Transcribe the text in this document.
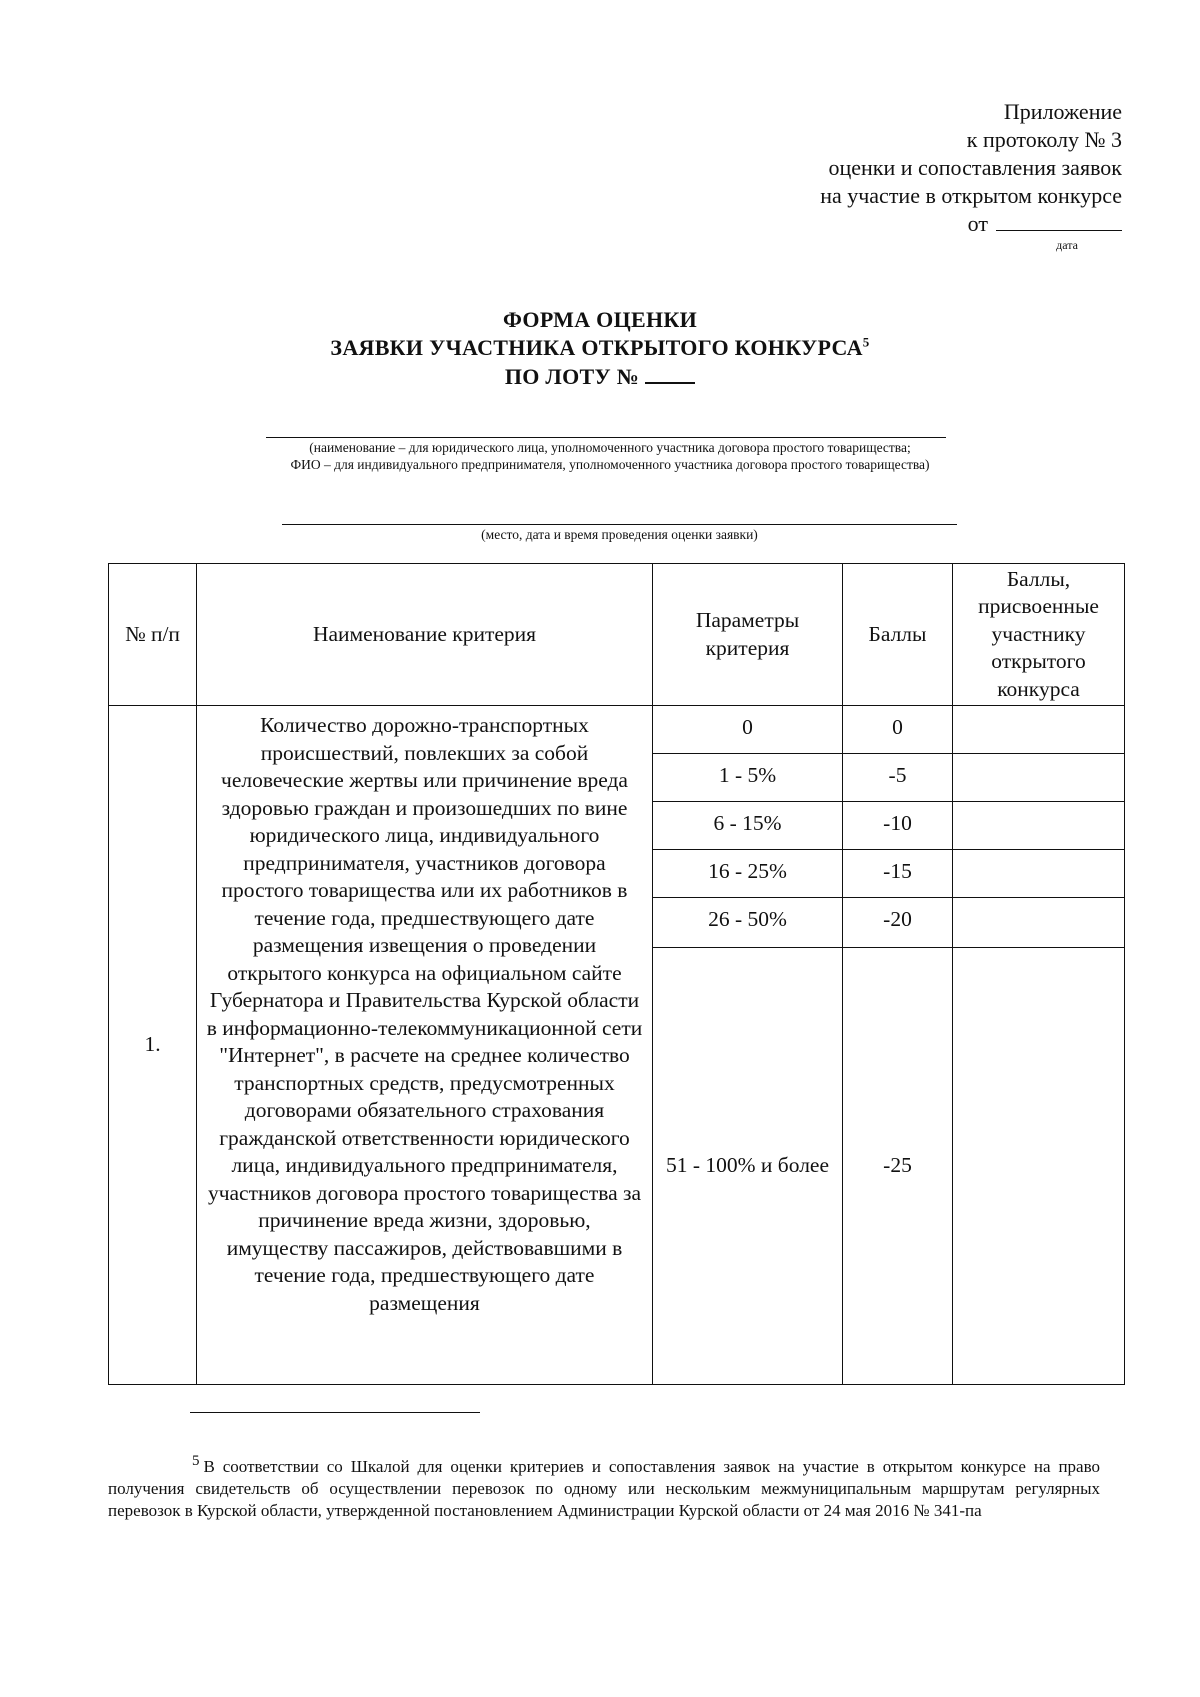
Приложение
к протоколу № 3
оценки и сопоставления заявок
на участие в открытом конкурсе
от
дата
ФОРМА ОЦЕНКИ
ЗАЯВКИ УЧАСТНИКА ОТКРЫТОГО КОНКУРСА$^5$
ПО ЛОТУ №
(наименование – для юридического лица, уполномоченного участника договора простого товарищества;
ФИО – для индивидуального предпринимателя, уполномоченного участника договора простого товарищества)
(место, дата и время проведения оценки заявки)
№ п/п	Наименование критерия	Параметры критерия	Баллы	Баллы, присвоенные участнику открытого конкурса
1.	Количество дорожно-транспортных происшествий, повлекших за собой человеческие жертвы или причинение вреда здоровью граждан и произошедших по вине юридического лица, индивидуального предпринимателя, участников договора простого товарищества или их работников в течение года, предшествующего дате размещения извещения о проведении открытого конкурса на официальном сайте Губернатора и Правительства Курской области в информационно-телекоммуникационной сети "Интернет", в расчете на среднее количество транспортных средств, предусмотренных договорами обязательного страхования гражданской ответственности юридического лица, индивидуального предпринимателя, участников договора простого товарищества за причинение вреда жизни, здоровью, имуществу пассажиров, действовавшими в течение года, предшествующего дате размещения	0	0	
		1 - 5%	-5	
		6 - 15%	-10	
		16 - 25%	-15	
		26 - 50%	-20	
		51 - 100% и более	-25	
5 В соответствии со Шкалой для оценки критериев и сопоставления заявок на участие в открытом конкурсе на право получения свидетельств об осуществлении перевозок по одному или нескольким межмуниципальным маршрутам регулярных перевозок в Курской области, утвержденной постановлением Администрации Курской области от 24 мая 2016 № 341-па
